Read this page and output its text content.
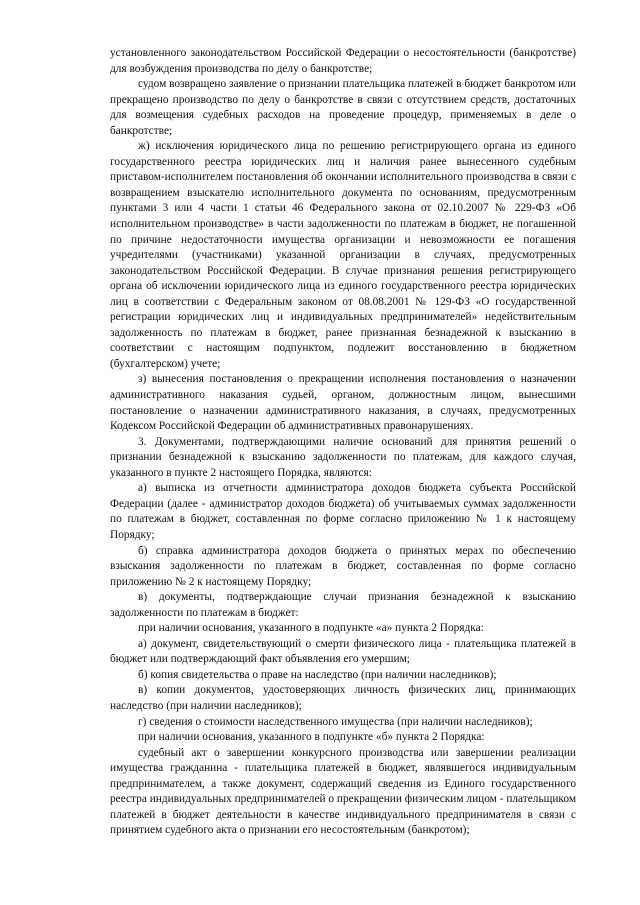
установленного законодательством Российской Федерации о несостоятельности (банкротстве) для возбуждения производства по делу о банкротстве;

судом возвращено заявление о признании плательщика платежей в бюджет банкротом или прекращено производство по делу о банкротстве в связи с отсутствием средств, достаточных для возмещения судебных расходов на проведение процедур, применяемых в деле о банкротстве;

ж) исключения юридического лица по решению регистрирующего органа из единого государственного реестра юридических лиц и наличия ранее вынесенного судебным приставом-исполнителем постановления об окончании исполнительного производства в связи с возвращением взыскателю исполнительного документа по основаниям, предусмотренным пунктами 3 или 4 части 1 статьи 46 Федерального закона от 02.10.2007 № 229-ФЗ «Об исполнительном производстве» в части задолженности по платежам в бюджет, не погашенной по причине недостаточности имущества организации и невозможности ее погашения учредителями (участниками) указанной организации в случаях, предусмотренных законодательством Российской Федерации. В случае признания решения регистрирующего органа об исключении юридического лица из единого государственного реестра юридических лиц в соответствии с Федеральным законом от 08.08.2001 № 129-ФЗ «О государственной регистрации юридических лиц и индивидуальных предпринимателей» недействительным задолженность по платежам в бюджет, ранее признанная безнадежной к взысканию в соответствии с настоящим подпунктом, подлежит восстановлению в бюджетном (бухгалтерском) учете;

з) вынесения постановления о прекращении исполнения постановления о назначении административного наказания судьей, органом, должностным лицом, вынесшими постановление о назначении административного наказания, в случаях, предусмотренных Кодексом Российской Федерации об административных правонарушениях.

3. Документами, подтверждающими наличие оснований для принятия решений о признании безнадежной к взысканию задолженности по платежам, для каждого случая, указанного в пункте 2 настоящего Порядка, являются:

а) выписка из отчетности администратора доходов бюджета субъекта Российской Федерации (далее - администратор доходов бюджета) об учитываемых суммах задолженности по платежам в бюджет, составленная по форме согласно приложению № 1 к настоящему Порядку;

б) справка администратора доходов бюджета о принятых мерах по обеспечению взыскания задолженности по платежам в бюджет, составленная по форме согласно приложению № 2 к настоящему Порядку;

в) документы, подтверждающие случаи признания безнадежной к взысканию задолженности по платежам в бюджет:

при наличии основания, указанного в подпункте «а» пункта 2 Порядка:

а) документ, свидетельствующий о смерти физического лица - плательщика платежей в бюджет или подтверждающий факт объявления его умершим;

б) копия свидетельства о праве на наследство (при наличии наследников);

в) копии документов, удостоверяющих личность физических лиц, принимающих наследство (при наличии наследников);

г) сведения о стоимости наследственного имущества (при наличии наследников);

при наличии основания, указанного в подпункте «б» пункта 2 Порядка:

судебный акт о завершении конкурсного производства или завершении реализации имущества гражданина - плательщика платежей в бюджет, являвшегося индивидуальным предпринимателем, а также документ, содержащий сведения из Единого государственного реестра индивидуальных предпринимателей о прекращении физическим лицом - плательщиком платежей в бюджет деятельности в качестве индивидуального предпринимателя в связи с принятием судебного акта о признании его несостоятельным (банкротом);
